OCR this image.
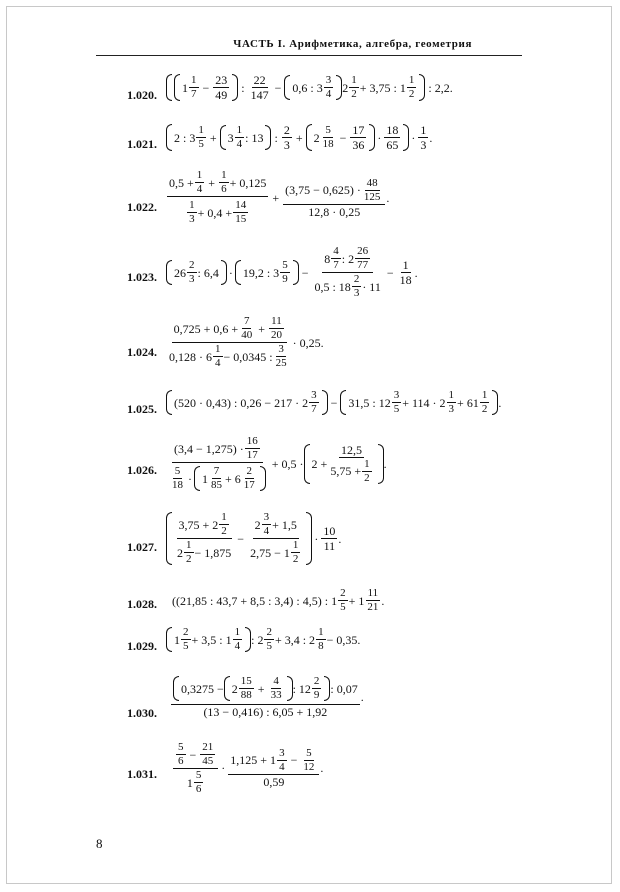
ЧАСТЬ I. Арифметика, алгебра, геометрия
1.020.
1
1
$7 - \frac{23}{49}$ :
22
147
− 0,6 : 3
3
4 2
1
2 + 3,75 : 1
1
2 : 2,2.
1.021. 2 : 3
1
5 + 3
1
4 : 13 :
2
3
+ 2
5
$18 - \frac{17}{36}$ ·
18
65
·
1
3
.
1.022.
$0,5 + \frac{1}{4} + \frac{1}{6} + 0,125$
1
$3 + 0,4 + \frac{14}{15}$
+ (3,75 − 0,625) ·
48
125
12,8 · 0,25 .
1.023. 26
2
3 : 6,4 · 19,2 : 3
5
9 − 8
4
7 : 2
26
77
0,5 : 18
2
$3 \cdot 11 - \frac{1}{18}$ .
1.024.
$0,725 + 0,6 + \frac{7}{40} + \frac{11}{20}$
0,128 · 6
1
4 − 0,0345 :
3
25
· 0,25.
1.025. (520 · 0,43) : 0,26 − 217 · 2
3
7 − 31,5 : 12
3
5 + 114 · 2
1
3 + 61
1
2 .
1.026.
(3,4 − 1,275) ·
16
17
5
18 · 1
7
85 + 6
2
17
+ $0,5 \cdot 2 + \frac{12,5}{5,75 + \frac{1}{2}}$ .
1.027.
3,75 + 2
1
2
2
1
2 − 1,875
− 2
3
4 + 1,5
2,75 − 1
1
2 ·
10
11
.
1.028. ((21,85 : 43,7 + 8,5 : 3,4) : 4,5) : 1
2
5 + 1
11
21 .
1.029. 1
2
5 + 3,5 : 1
1
4 : 2
2
5 + 3,4 : 2
1
8 − 0,35.
1.030.
0,3275 − 2
15
$88 + \frac{4}{33}$ : 12
2
9 : 0,07
(13 − 0,416) : 6,05 + 1,92
.
1.031.
5
$6 - \frac{21}{45}$
1
5
6
·
1,125 + 1
3
$4 - \frac{5}{12}$
0,59
.
8
